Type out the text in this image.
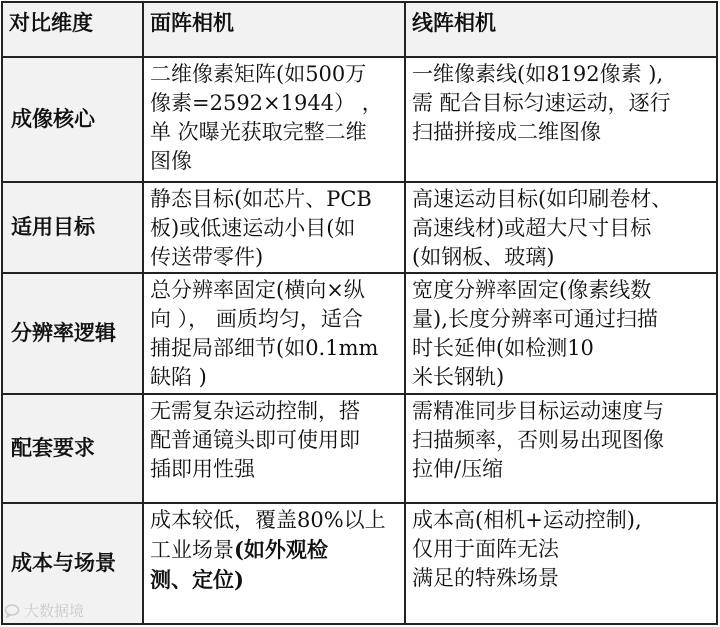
对比维度	面阵相机	线阵相机
成像核心
二维像素矩阵(如500万
像素=2592×1944） ，
单 次曝光获取完整二维
图像
一维像素线(如8192像素 ),
需 配合目标匀速运动，逐行
扫描拼接成二维图像
适用目标
静态目标(如芯片、PCB
板)或低速运动小目(如
传送带零件)
高速运动目标(如印刷卷材、
高速线材)或超大尺寸目标
(如钢板、玻璃)
分辨率逻辑
总分辨率固定(横向×纵
向 ）， 画质均匀，适合
捕捉局部细节(如0.1mm
缺陷 )
宽度分辨率固定(像素线数
量),长度分辨率可通过扫描
时长延伸(如检测10
米长钢轨)
配套要求
无需复杂运动控制，搭
配普通镜头即可使用即
插即用性强
需精准同步目标运动速度与
扫描频率，否则易出现图像
拉伸/压缩
成本与场景
成本较低，覆盖80%以上
工业场景(如外观检
测、定位)
成本高(相机+运动控制),
仅用于面阵无法
满足的特殊场景
大数据境
